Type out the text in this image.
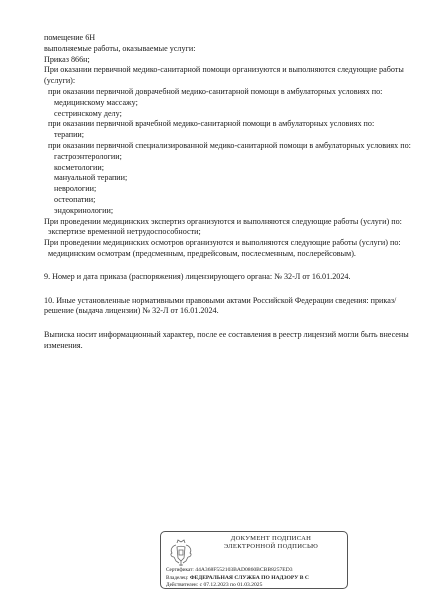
помещение 6Н

выполняемые работы, оказываемые услуги:

Приказ 866н;

При оказании первичной медико-санитарной помощи организуются и выполняются следующие работы (услуги):

при оказании первичной доврачебной медико-санитарной помощи в амбулаторных условиях по:

медицинскому массажу;

сестринскому делу;

при оказании первичной врачебной медико-санитарной помощи в амбулаторных условиях по:

терапии;

при оказании первичной специализированной медико-санитарной помощи в амбулаторных условиях по:

гастроэнтерологии;

косметологии;

мануальной терапии;

неврологии;

остеопатии;

эндокринологии;

При проведении медицинских экспертиз организуются и выполняются следующие работы (услуги) по:

экспертизе временной нетрудоспособности;

При проведении медицинских осмотров организуются и выполняются следующие работы (услуги) по:

медицинским осмотрам (предсменным, предрейсовым, послесменным, послерейсовым).

9. Номер и дата приказа (распоряжения) лицензирующего органа: № 32-Л от 16.01.2024.

10. Иные установленные нормативными правовыми актами Российской Федерации сведения: приказ/решение (выдача лицензии) № 32-Л от 16.01.2024.

Выписка носит информационный характер, после ее составления в реестр лицензий могли быть внесены изменения.

ДОКУМЕНТ ПОДПИСАН
ЭЛЕКТРОННОЙ ПОДПИСЬЮ
Сертификат: 44A368F552103BAD0860BCBB8257ED3
Владелец: ФЕДЕРАЛЬНАЯ СЛУЖБА ПО НАДЗОРУ В С
Действителен: с 07.12.2023 по 01.03.2025
